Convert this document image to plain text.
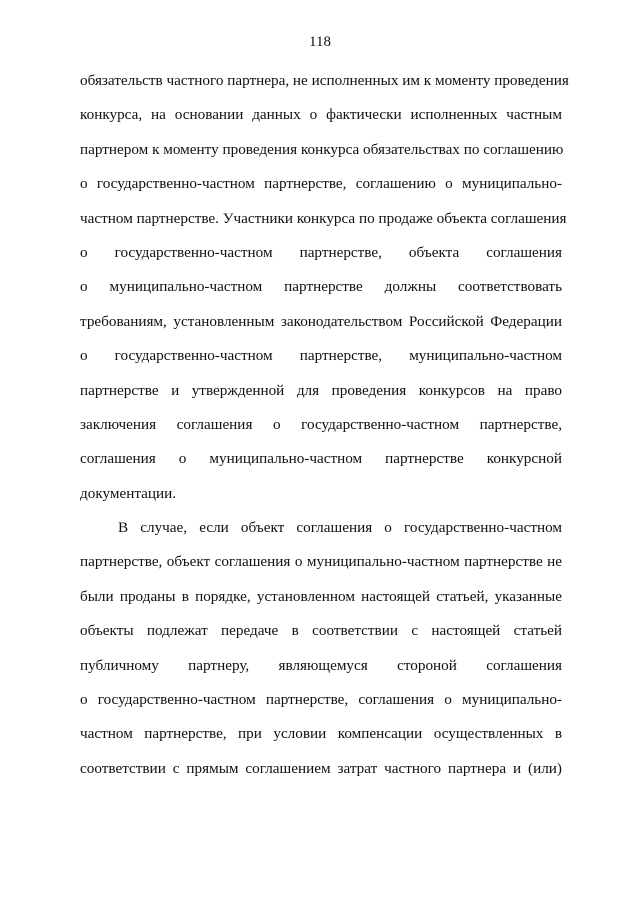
118
обязательств частного партнера, не исполненных им к моменту проведения
конкурса, на основании данных о фактически исполненных частным
партнером к моменту проведения конкурса обязательствах по соглашению
о государственно-частном партнерстве, соглашению о муниципально-
частном партнерстве. Участники конкурса по продаже объекта соглашения
о государственно-частном партнерстве, объекта соглашения
о муниципально-частном партнерстве должны соответствовать
требованиям, установленным законодательством Российской Федерации
о государственно-частном партнерстве, муниципально-частном
партнерстве и утвержденной для проведения конкурсов на право
заключения соглашения о государственно-частном партнерстве,
соглашения о муниципально-частном партнерстве конкурсной
документации.
В случае, если объект соглашения о государственно-частном
партнерстве, объект соглашения о муниципально-частном партнерстве не
были проданы в порядке, установленном настоящей статьей, указанные
объекты подлежат передаче в соответствии с настоящей статьей
публичному партнеру, являющемуся стороной соглашения
о государственно-частном партнерстве, соглашения о муниципально-
частном партнерстве, при условии компенсации осуществленных в
соответствии с прямым соглашением затрат частного партнера и (или)
